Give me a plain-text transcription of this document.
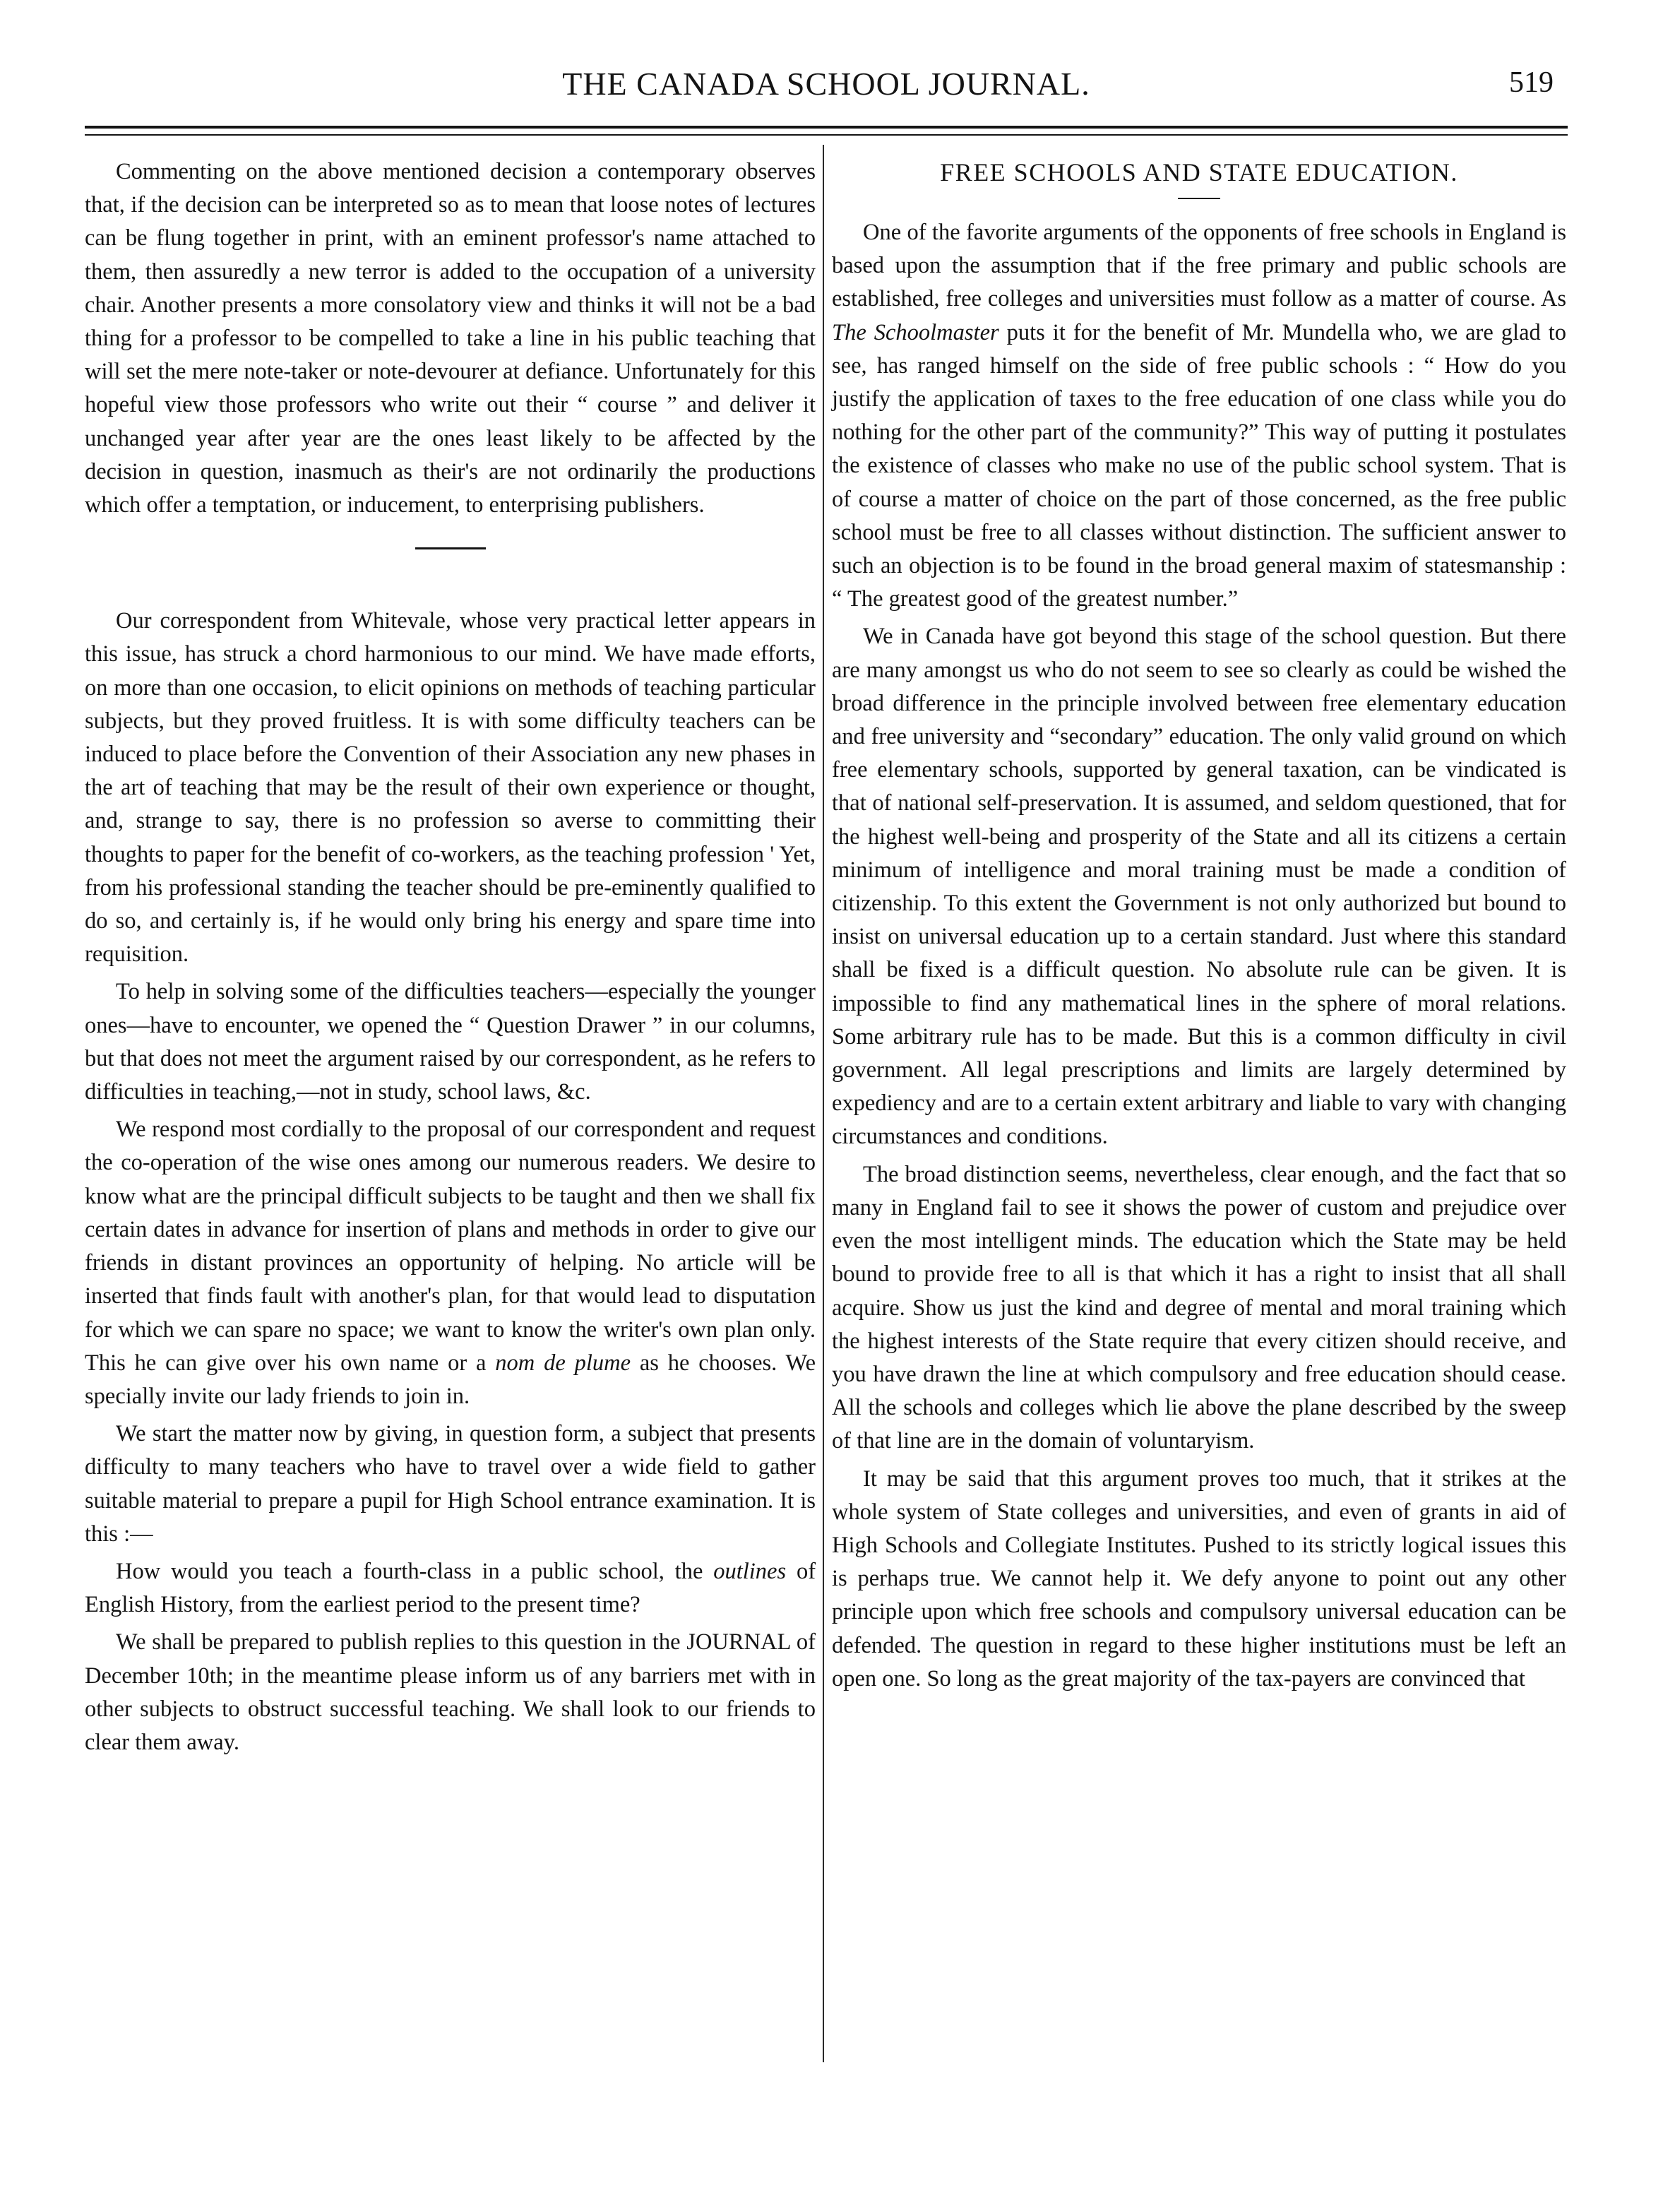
THE CANADA SCHOOL JOURNAL.	519

Commenting on the above mentioned decision a contemporary observes that, if the decision can be interpreted so as to mean that loose notes of lectures can be flung together in print, with an eminent professor's name attached to them, then assuredly a new terror is added to the occupation of a university chair. Another presents a more consolatory view and thinks it will not be a bad thing for a professor to be compelled to take a line in his public teaching that will set the mere note-taker or note-devourer at defiance. Unfortunately for this hopeful view those professors who write out their “ course ” and deliver it unchanged year after year are the ones least likely to be affected by the decision in question, inasmuch as their's are not ordinarily the productions which offer a temptation, or inducement, to enterprising publishers.

Our correspondent from Whitevale, whose very practical letter appears in this issue, has struck a chord harmonious to our mind. We have made efforts, on more than one occasion, to elicit opinions on methods of teaching particular subjects, but they proved fruitless. It is with some difficulty teachers can be induced to place before the Convention of their Association any new phases in the art of teaching that may be the result of their own experience or thought, and, strange to say, there is no profession so averse to committing their thoughts to paper for the benefit of co-workers, as the teaching profession ' Yet, from his professional standing the teacher should be pre-eminently qualified to do so, and certainly is, if he would only bring his energy and spare time into requisition.

To help in solving some of the difficulties teachers—especially the younger ones—have to encounter, we opened the “ Question Drawer ” in our columns, but that does not meet the argument raised by our correspondent, as he refers to difficulties in teaching,—not in study, school laws, &c.

We respond most cordially to the proposal of our correspondent and request the co-operation of the wise ones among our numerous readers. We desire to know what are the principal difficult subjects to be taught and then we shall fix certain dates in advance for insertion of plans and methods in order to give our friends in distant provinces an opportunity of helping. No article will be inserted that finds fault with another's plan, for that would lead to disputation for which we can spare no space; we want to know the writer's own plan only. This he can give over his own name or a nom de plume as he chooses. We specially invite our lady friends to join in.

We start the matter now by giving, in question form, a subject that presents difficulty to many teachers who have to travel over a wide field to gather suitable material to prepare a pupil for High School entrance examination. It is this :—

How would you teach a fourth-class in a public school, the outlines of English History, from the earliest period to the present time?

We shall be prepared to publish replies to this question in the JOURNAL of December 10th; in the meantime please inform us of any barriers met with in other subjects to obstruct successful teaching. We shall look to our friends to clear them away.

FREE SCHOOLS AND STATE EDUCATION.

One of the favorite arguments of the opponents of free schools in England is based upon the assumption that if the free primary and public schools are established, free colleges and universities must follow as a matter of course. As The Schoolmaster puts it for the benefit of Mr. Mundella who, we are glad to see, has ranged himself on the side of free public schools : “ How do you justify the application of taxes to the free education of one class while you do nothing for the other part of the community?” This way of putting it postulates the existence of classes who make no use of the public school system. That is of course a matter of choice on the part of those concerned, as the free public school must be free to all classes without distinction. The sufficient answer to such an objection is to be found in the broad general maxim of statesmanship : “ The greatest good of the greatest number.”

We in Canada have got beyond this stage of the school question. But there are many amongst us who do not seem to see so clearly as could be wished the broad difference in the principle involved between free elementary education and free university and “secondary” education. The only valid ground on which free elementary schools, supported by general taxation, can be vindicated is that of national self-preservation. It is assumed, and seldom questioned, that for the highest well-being and prosperity of the State and all its citizens a certain minimum of intelligence and moral training must be made a condition of citizenship. To this extent the Government is not only authorized but bound to insist on universal education up to a certain standard. Just where this standard shall be fixed is a difficult question. No absolute rule can be given. It is impossible to find any mathematical lines in the sphere of moral relations. Some arbitrary rule has to be made. But this is a common difficulty in civil government. All legal prescriptions and limits are largely determined by expediency and are to a certain extent arbitrary and liable to vary with changing circumstances and conditions.

The broad distinction seems, nevertheless, clear enough, and the fact that so many in England fail to see it shows the power of custom and prejudice over even the most intelligent minds. The education which the State may be held bound to provide free to all is that which it has a right to insist that all shall acquire. Show us just the kind and degree of mental and moral training which the highest interests of the State require that every citizen should receive, and you have drawn the line at which compulsory and free education should cease. All the schools and colleges which lie above the plane described by the sweep of that line are in the domain of voluntaryism.

It may be said that this argument proves too much, that it strikes at the whole system of State colleges and universities, and even of grants in aid of High Schools and Collegiate Institutes. Pushed to its strictly logical issues this is perhaps true. We cannot help it. We defy anyone to point out any other principle upon which free schools and compulsory universal education can be defended. The question in regard to these higher institutions must be left an open one. So long as the great majority of the tax-payers are convinced that
